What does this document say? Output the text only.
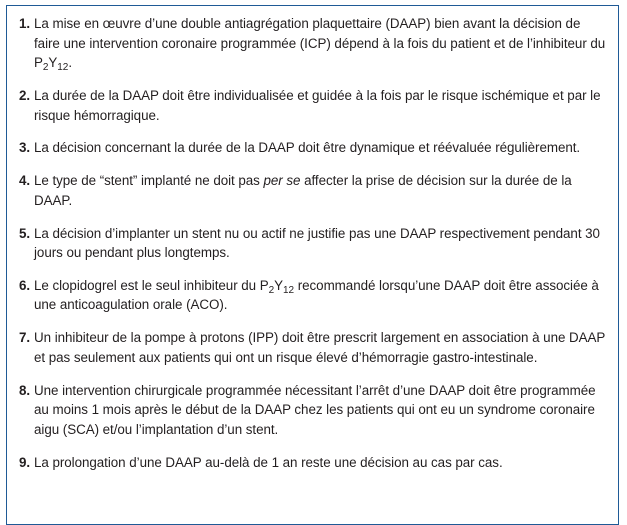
1. La mise en œuvre d’une double antiagrégation plaquettaire (DAAP) bien avant la décision de faire une intervention coronaire programmée (ICP) dépend à la fois du patient et de l’inhibiteur du $P_2Y_{12}$.
2. La durée de la DAAP doit être individualisée et guidée à la fois par le risque ischémique et par le risque hémorragique.
3. La décision concernant la durée de la DAAP doit être dynamique et réévaluée régulièrement.
4. Le type de “stent” implanté ne doit pas per se affecter la prise de décision sur la durée de la DAAP.
5. La décision d’implanter un stent nu ou actif ne justifie pas une DAAP respectivement pendant 30 jours ou pendant plus longtemps.
6. Le clopidogrel est le seul inhibiteur du $P_2Y_{12}$ recommandé lorsqu’une DAAP doit être associée à une anticoagulation orale (ACO).
7. Un inhibiteur de la pompe à protons (IPP) doit être prescrit largement en association à une DAAP et pas seulement aux patients qui ont un risque élevé d’hémorragie gastro-intestinale.
8. Une intervention chirurgicale programmée nécessitant l’arrêt d’une DAAP doit être programmée au moins 1 mois après le début de la DAAP chez les patients qui ont eu un syndrome coronaire aigu (SCA) et/ou l’implantation d’un stent.
9. La prolongation d’une DAAP au-delà de 1 an reste une décision au cas par cas.
